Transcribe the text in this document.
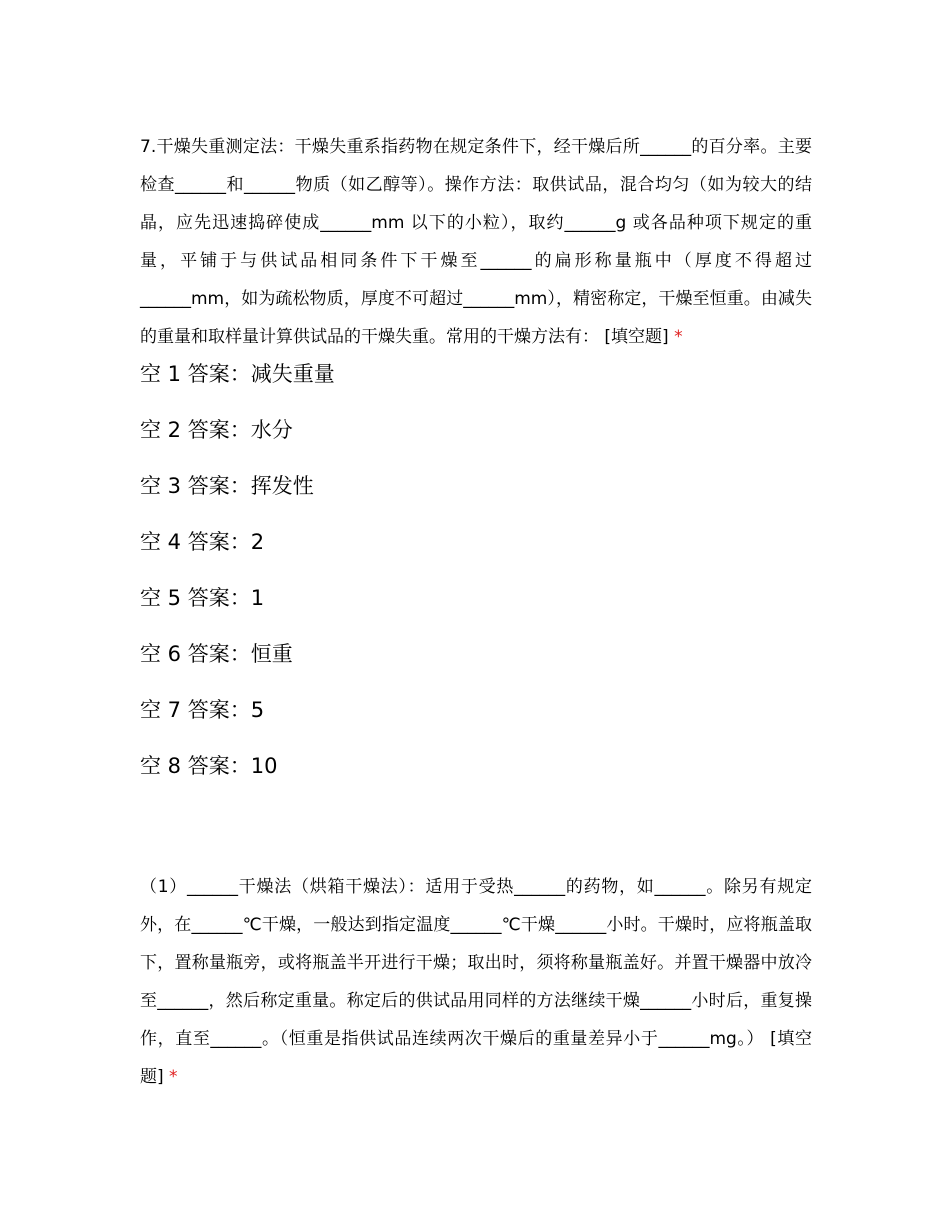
7.干燥失重测定法：干燥失重系指药物在规定条件下，经干燥后所______的百分率。主要检查______和______物质（如乙醇等）。操作方法：取供试品，混合均匀（如为较大的结晶，应先迅速捣碎使成______mm 以下的小粒），取约______g 或各品种项下规定的重量，平铺于与供试品相同条件下干燥至______的扁形称量瓶中（厚度不得超过______mm，如为疏松物质，厚度不可超过______mm），精密称定，干燥至恒重。由减失的重量和取样量计算供试品的干燥失重。常用的干燥方法有： [填空题] *

空 1 答案：减失重量

空 2 答案：水分

空 3 答案：挥发性

空 4 答案：2

空 5 答案：1

空 6 答案：恒重

空 7 答案：5

空 8 答案：10

（1）______干燥法（烘箱干燥法）：适用于受热______的药物，如______。除另有规定外，在______℃干燥，一般达到指定温度______℃干燥______小时。干燥时，应将瓶盖取下，置称量瓶旁，或将瓶盖半开进行干燥；取出时，须将称量瓶盖好。并置干燥器中放冷至______，然后称定重量。称定后的供试品用同样的方法继续干燥______小时后，重复操作，直至______。（恒重是指供试品连续两次干燥后的重量差异小于______mg。） [填空题] *
